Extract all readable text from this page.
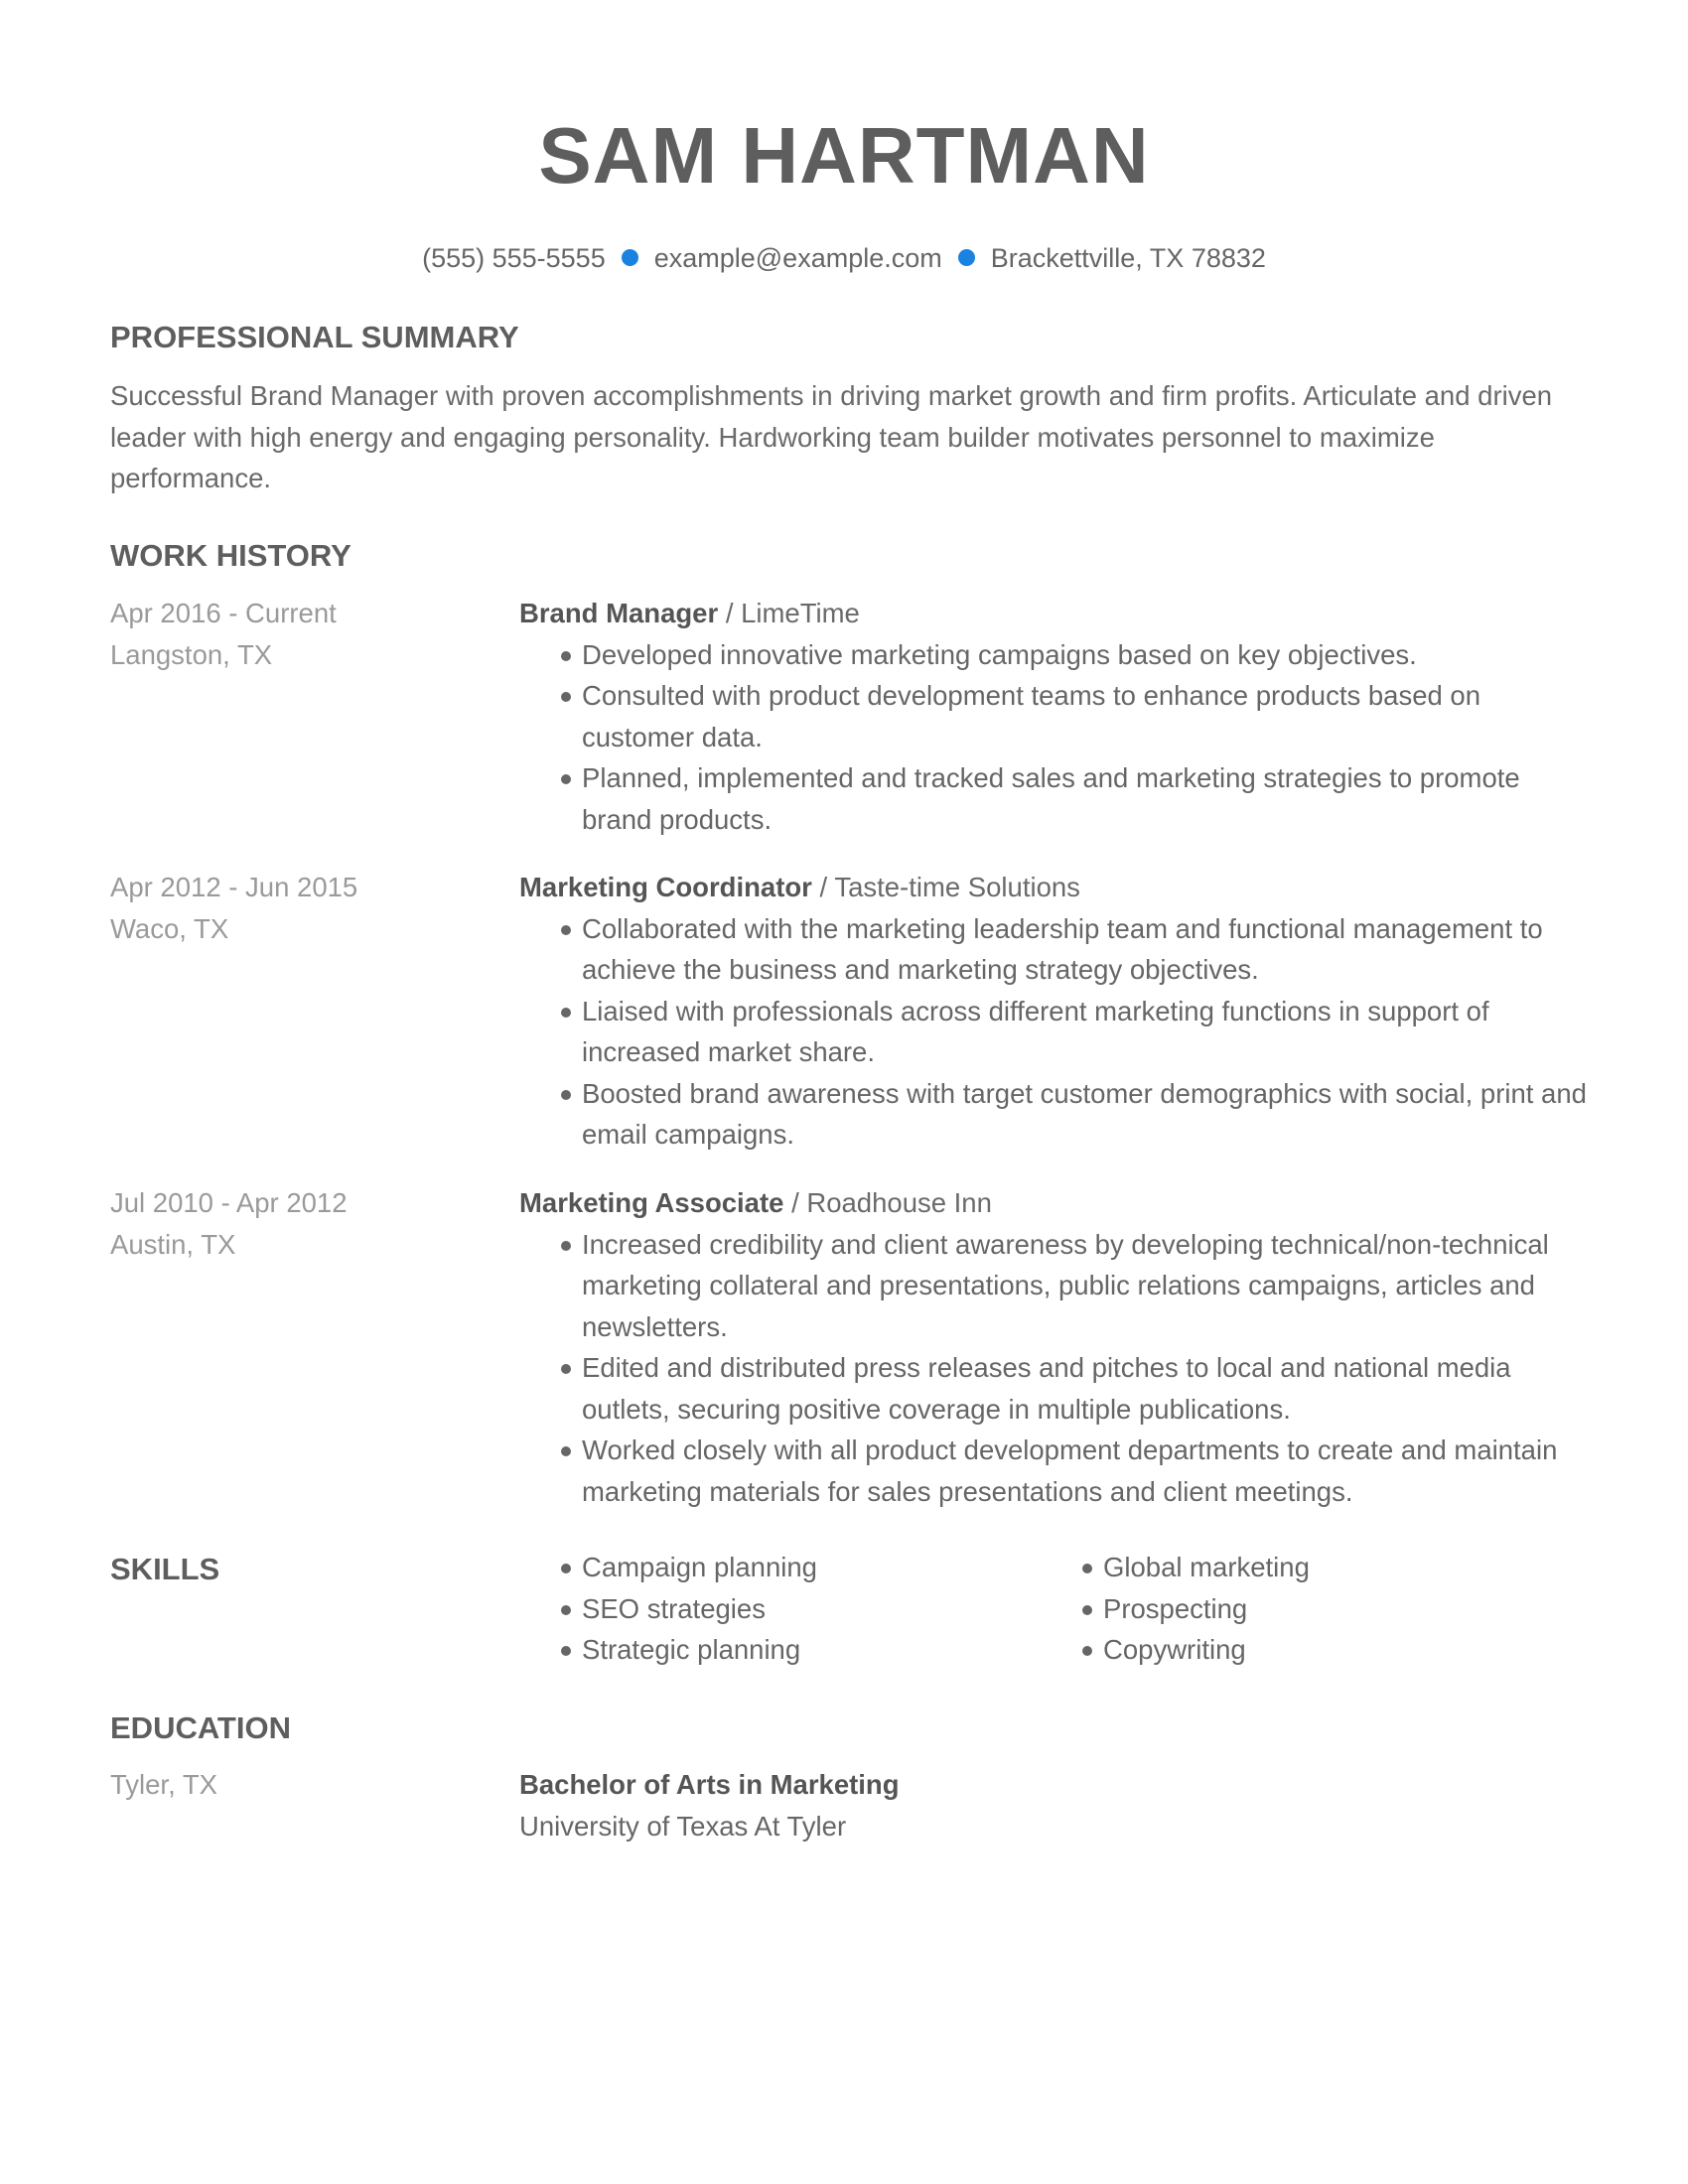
SAM HARTMAN
(555) 555-5555 example@example.com Brackettville, TX 78832
PROFESSIONAL SUMMARY
Successful Brand Manager with proven accomplishments in driving market growth and firm profits. Articulate and driven leader with high energy and engaging personality. Hardworking team builder motivates personnel to maximize performance.
WORK HISTORY
Apr 2016 - Current
Langston, TX
Brand Manager / LimeTime
Developed innovative marketing campaigns based on key objectives.
Consulted with product development teams to enhance products based on customer data.
Planned, implemented and tracked sales and marketing strategies to promote brand products.
Apr 2012 - Jun 2015
Waco, TX
Marketing Coordinator / Taste-time Solutions
Collaborated with the marketing leadership team and functional management to achieve the business and marketing strategy objectives.
Liaised with professionals across different marketing functions in support of increased market share.
Boosted brand awareness with target customer demographics with social, print and email campaigns.
Jul 2010 - Apr 2012
Austin, TX
Marketing Associate / Roadhouse Inn
Increased credibility and client awareness by developing technical/non-technical marketing collateral and presentations, public relations campaigns, articles and newsletters.
Edited and distributed press releases and pitches to local and national media outlets, securing positive coverage in multiple publications.
Worked closely with all product development departments to create and maintain marketing materials for sales presentations and client meetings.
SKILLS	Campaign planning
SEO strategies
Strategic planning
Global marketing
Prospecting
Copywriting
EDUCATION
Tyler, TX	Bachelor of Arts in Marketing
University of Texas At Tyler
